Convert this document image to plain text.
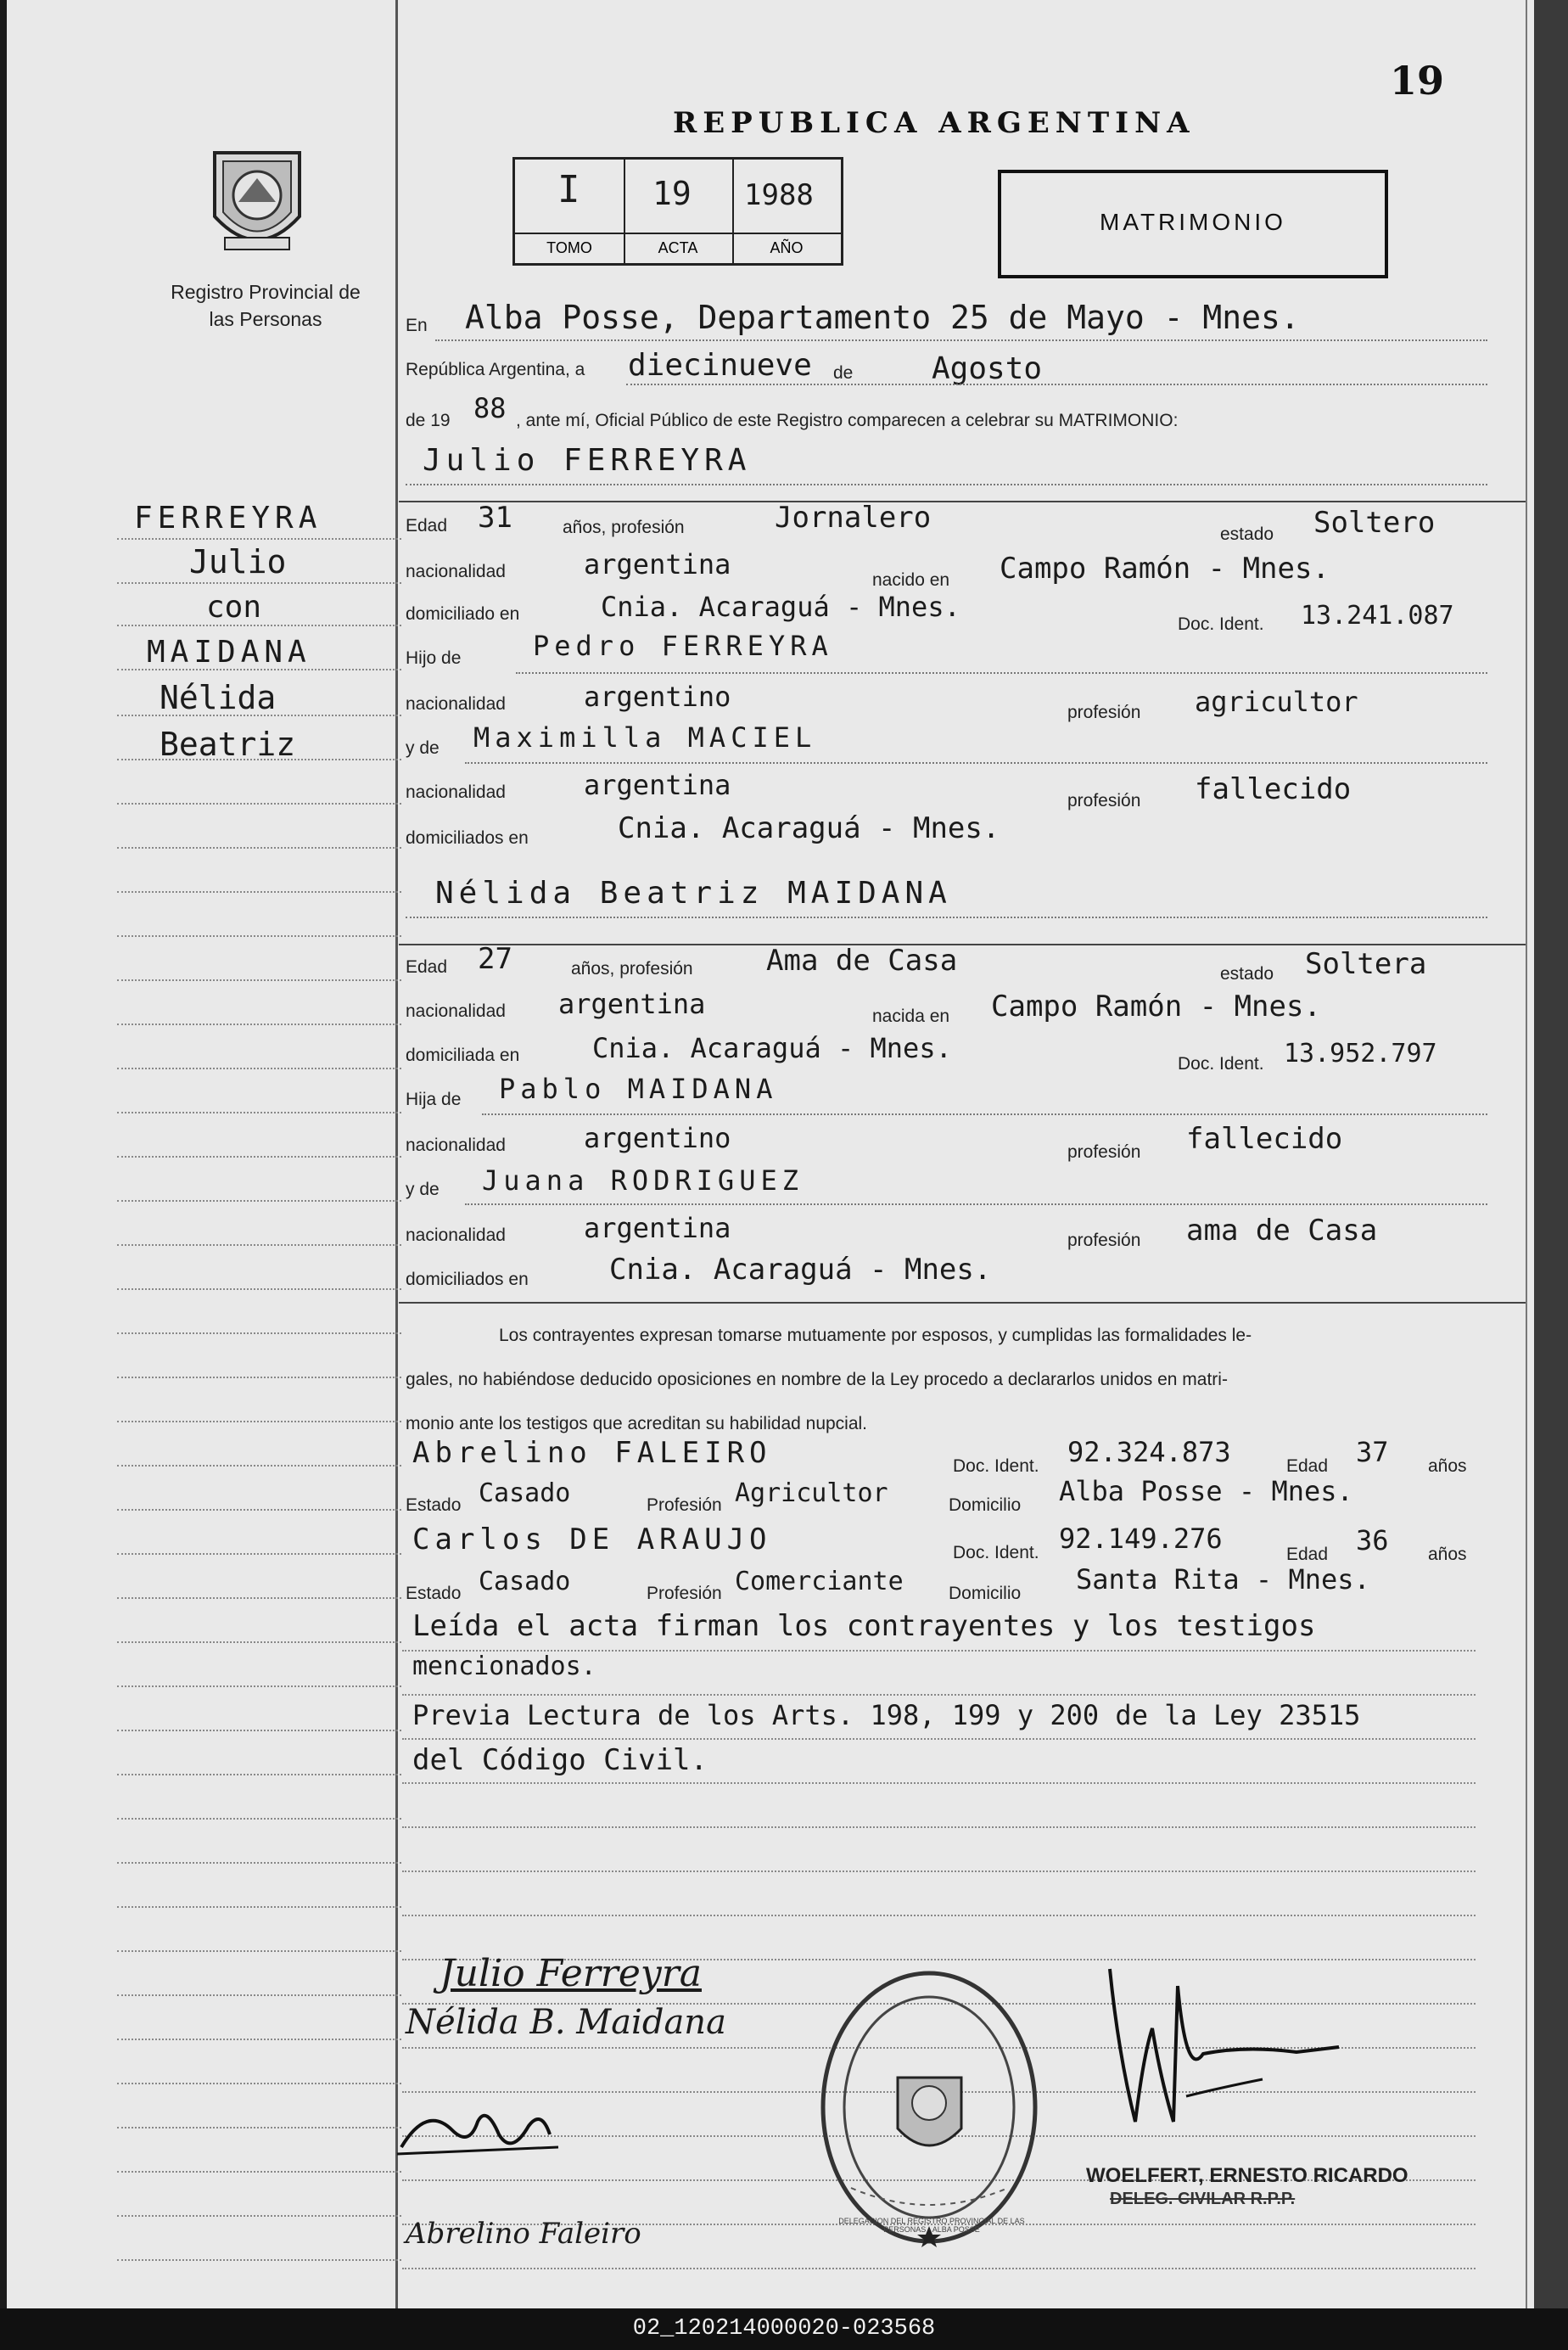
19
Registro Provincial de las Personas
REPUBLICA ARGENTINA
I
TOMO
19
ACTA
1988
AÑO
MATRIMONIO
FERREYRA
Julio
con
MAIDANA
Nélida
Beatriz
En Alba Posse, Departamento 25 de Mayo - Mnes.
República Argentina, a diecinueve de	Agosto
de 19 88 , ante mí, Oficial Público de este Registro comparecen a celebrar su MATRIMONIO:
Julio FERREYRA
Edad 31	años, profesión	Jornalero	estado Soltero
nacionalidad	argentina	nacido en Campo Ramón - Mnes.
domiciliado en	Cnia. Acaraguá - Mnes.
Doc. Ident. 13.241.087
Hijo de	Pedro FERREYRA
nacionalidad	argentino	profesión agricultor
y de Maximilla MACIEL
nacionalidad	argentina	profesión fallecido
domiciliados en	Cnia. Acaraguá - Mnes.
Nélida Beatriz MAIDANA
Edad 27	años, profesión	Ama de Casa	estado Soltera
nacionalidad argentina	nacida en Campo Ramón - Mnes.
domiciliada en	Cnia. Acaraguá - Mnes.	Doc. Ident. 13.952.797
Hija de Pablo MAIDANA
nacionalidad	argentino	profesión fallecido
y de Juana RODRIGUEZ
nacionalidad	argentina	profesión ama de Casa
domiciliados en	Cnia. Acaraguá - Mnes.
Los contrayentes expresan tomarse mutuamente por esposos, y cumplidas las formalidades le-
gales, no habiéndose deducido oposiciones en nombre de la Ley procedo a declararlos unidos en matri-
monio ante los testigos que acreditan su habilidad nupcial.
Abrelino FALEIRO	Doc. Ident. 92.324.873	Edad 37 años
Estado Casado	Profesión Agricultor	Domicilio Alba Posse - Mnes.
Carlos DE ARAUJO	Doc. Ident. 92.149.276	Edad 36 años
Estado Casado	Profesión Comerciante	Domicilio Santa Rita - Mnes.
Leída el acta firman los contrayentes y los testigos
mencionados.
Previa Lectura de los Arts. 198, 199 y 200 de la Ley 23515
del Código Civil.
Julio Ferreyra
Nélida B. Maidana
Abrelino Faleiro	DELEGACION DEL REGISTRO PROVINCIAL DE LAS PERSONAS · ALBA POSSE
WOELFERT, ERNESTO RICARDO
DELEG. CIVILAR R.P.P.
02_120214000020-023568
